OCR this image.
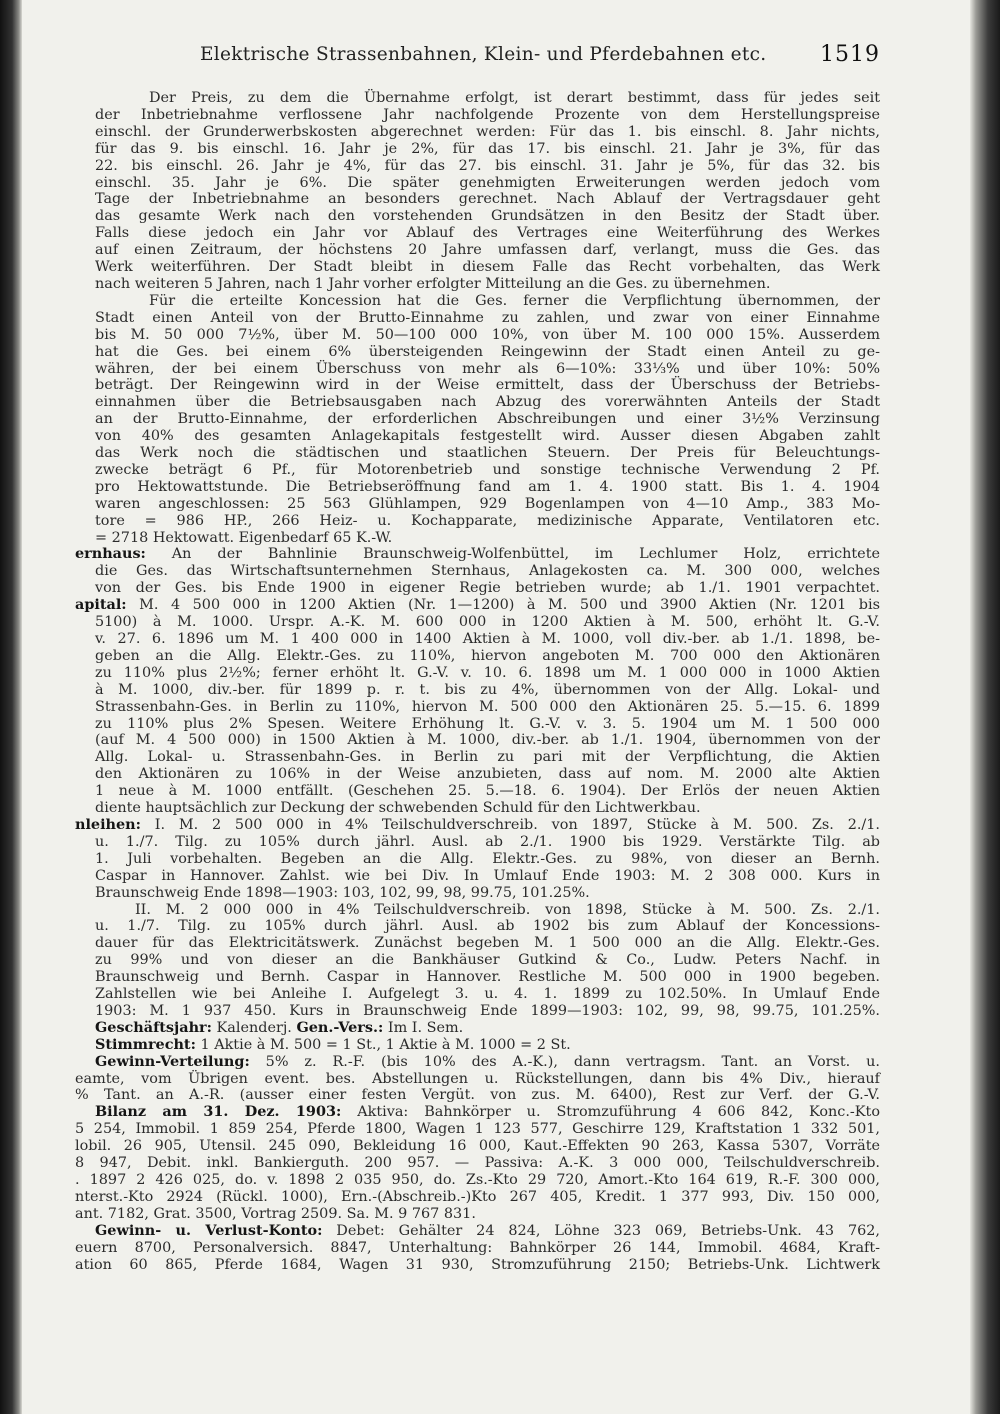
Elektrische Strassenbahnen, Klein- und Pferdebahnen etc. 1519
Der Preis, zu dem die Übernahme erfolgt, ist derart bestimmt, dass für jedes seit
der Inbetriebnahme verflossene Jahr nachfolgende Prozente von dem Herstellungspreise
einschl. der Grunderwerbskosten abgerechnet werden: Für das 1. bis einschl. 8. Jahr nichts,
für das 9. bis einschl. 16. Jahr je 2%, für das 17. bis einschl. 21. Jahr je 3%, für das
22. bis einschl. 26. Jahr je 4%, für das 27. bis einschl. 31. Jahr je 5%, für das 32. bis
einschl. 35. Jahr je 6%. Die später genehmigten Erweiterungen werden jedoch vom
Tage der Inbetriebnahme an besonders gerechnet. Nach Ablauf der Vertragsdauer geht
das gesamte Werk nach den vorstehenden Grundsätzen in den Besitz der Stadt über.
Falls diese jedoch ein Jahr vor Ablauf des Vertrages eine Weiterführung des Werkes
auf einen Zeitraum, der höchstens 20 Jahre umfassen darf, verlangt, muss die Ges. das
Werk weiterführen. Der Stadt bleibt in diesem Falle das Recht vorbehalten, das Werk
nach weiteren 5 Jahren, nach 1 Jahr vorher erfolgter Mitteilung an die Ges. zu übernehmen.
Für die erteilte Koncession hat die Ges. ferner die Verpflichtung übernommen, der
Stadt einen Anteil von der Brutto-Einnahme zu zahlen, und zwar von einer Einnahme
bis M. 50 000 7½%, über M. 50—100 000 10%, von über M. 100 000 15%. Ausserdem
hat die Ges. bei einem 6% übersteigenden Reingewinn der Stadt einen Anteil zu ge-
währen, der bei einem Überschuss von mehr als 6—10%: 33⅓% und über 10%: 50%
beträgt. Der Reingewinn wird in der Weise ermittelt, dass der Überschuss der Betriebs-
einnahmen über die Betriebsausgaben nach Abzug des vorerwähnten Anteils der Stadt
an der Brutto-Einnahme, der erforderlichen Abschreibungen und einer 3½% Verzinsung
von 40% des gesamten Anlagekapitals festgestellt wird. Ausser diesen Abgaben zahlt
das Werk noch die städtischen und staatlichen Steuern. Der Preis für Beleuchtungs-
zwecke beträgt 6 Pf., für Motorenbetrieb und sonstige technische Verwendung 2 Pf.
pro Hektowattstunde. Die Betriebseröffnung fand am 1. 4. 1900 statt. Bis 1. 4. 1904
waren angeschlossen: 25 563 Glühlampen, 929 Bogenlampen von 4—10 Amp., 383 Mo-
tore = 986 HP., 266 Heiz- u. Kochapparate, medizinische Apparate, Ventilatoren etc.
= 2718 Hektowatt. Eigenbedarf 65 K.-W.
ernhaus: An der Bahnlinie Braunschweig-Wolfenbüttel, im Lechlumer Holz, errichtete
die Ges. das Wirtschaftsunternehmen Sternhaus, Anlagekosten ca. M. 300 000, welches
von der Ges. bis Ende 1900 in eigener Regie betrieben wurde; ab 1./1. 1901 verpachtet.
apital: M. 4 500 000 in 1200 Aktien (Nr. 1—1200) à M. 500 und 3900 Aktien (Nr. 1201 bis
5100) à M. 1000. Urspr. A.-K. M. 600 000 in 1200 Aktien à M. 500, erhöht lt. G.-V.
v. 27. 6. 1896 um M. 1 400 000 in 1400 Aktien à M. 1000, voll div.-ber. ab 1./1. 1898, be-
geben an die Allg. Elektr.-Ges. zu 110%, hiervon angeboten M. 700 000 den Aktionären
zu 110% plus 2½%; ferner erhöht lt. G.-V. v. 10. 6. 1898 um M. 1 000 000 in 1000 Aktien
à M. 1000, div.-ber. für 1899 p. r. t. bis zu 4%, übernommen von der Allg. Lokal- und
Strassenbahn-Ges. in Berlin zu 110%, hiervon M. 500 000 den Aktionären 25. 5.—15. 6. 1899
zu 110% plus 2% Spesen. Weitere Erhöhung lt. G.-V. v. 3. 5. 1904 um M. 1 500 000
(auf M. 4 500 000) in 1500 Aktien à M. 1000, div.-ber. ab 1./1. 1904, übernommen von der
Allg. Lokal- u. Strassenbahn-Ges. in Berlin zu pari mit der Verpflichtung, die Aktien
den Aktionären zu 106% in der Weise anzubieten, dass auf nom. M. 2000 alte Aktien
1 neue à M. 1000 entfällt. (Geschehen 25. 5.—18. 6. 1904). Der Erlös der neuen Aktien
diente hauptsächlich zur Deckung der schwebenden Schuld für den Lichtwerkbau.
nleihen: I. M. 2 500 000 in 4% Teilschuldverschreib. von 1897, Stücke à M. 500. Zs. 2./1.
u. 1./7. Tilg. zu 105% durch jährl. Ausl. ab 2./1. 1900 bis 1929. Verstärkte Tilg. ab
1. Juli vorbehalten. Begeben an die Allg. Elektr.-Ges. zu 98%, von dieser an Bernh.
Caspar in Hannover. Zahlst. wie bei Div. In Umlauf Ende 1903: M. 2 308 000. Kurs in
Braunschweig Ende 1898—1903: 103, 102, 99, 98, 99.75, 101.25%.
II. M. 2 000 000 in 4% Teilschuldverschreib. von 1898, Stücke à M. 500. Zs. 2./1.
u. 1./7. Tilg. zu 105% durch jährl. Ausl. ab 1902 bis zum Ablauf der Koncessions-
dauer für das Elektricitätswerk. Zunächst begeben M. 1 500 000 an die Allg. Elektr.-Ges.
zu 99% und von dieser an die Bankhäuser Gutkind & Co., Ludw. Peters Nachf. in
Braunschweig und Bernh. Caspar in Hannover. Restliche M. 500 000 in 1900 begeben.
Zahlstellen wie bei Anleihe I. Aufgelegt 3. u. 4. 1. 1899 zu 102.50%. In Umlauf Ende
1903: M. 1 937 450. Kurs in Braunschweig Ende 1899—1903: 102, 99, 98, 99.75, 101.25%.
Geschäftsjahr: Kalenderj. Gen.-Vers.: Im I. Sem.
Stimmrecht: 1 Aktie à M. 500 = 1 St., 1 Aktie à M. 1000 = 2 St.
Gewinn-Verteilung: 5% z. R.-F. (bis 10% des A.-K.), dann vertragsm. Tant. an Vorst. u.
eamte, vom Übrigen event. bes. Abstellungen u. Rückstellungen, dann bis 4% Div., hierauf
% Tant. an A.-R. (ausser einer festen Vergüt. von zus. M. 6400), Rest zur Verf. der G.-V.
Bilanz am 31. Dez. 1903: Aktiva: Bahnkörper u. Stromzuführung 4 606 842, Konc.-Kto
5 254, Immobil. 1 859 254, Pferde 1800, Wagen 1 123 577, Geschirre 129, Kraftstation 1 332 501,
lobil. 26 905, Utensil. 245 090, Bekleidung 16 000, Kaut.-Effekten 90 263, Kassa 5307, Vorräte
8 947, Debit. inkl. Bankierguth. 200 957. — Passiva: A.-K. 3 000 000, Teilschuldverschreib.
. 1897 2 426 025, do. v. 1898 2 035 950, do. Zs.-Kto 29 720, Amort.-Kto 164 619, R.-F. 300 000,
nterst.-Kto 2924 (Rückl. 1000), Ern.-(Abschreib.-)Kto 267 405, Kredit. 1 377 993, Div. 150 000,
ant. 7182, Grat. 3500, Vortrag 2509. Sa. M. 9 767 831.
Gewinn- u. Verlust-Konto: Debet: Gehälter 24 824, Löhne 323 069, Betriebs-Unk. 43 762,
euern 8700, Personalversich. 8847, Unterhaltung: Bahnkörper 26 144, Immobil. 4684, Kraft-
ation 60 865, Pferde 1684, Wagen 31 930, Stromzuführung 2150; Betriebs-Unk. Lichtwerk
